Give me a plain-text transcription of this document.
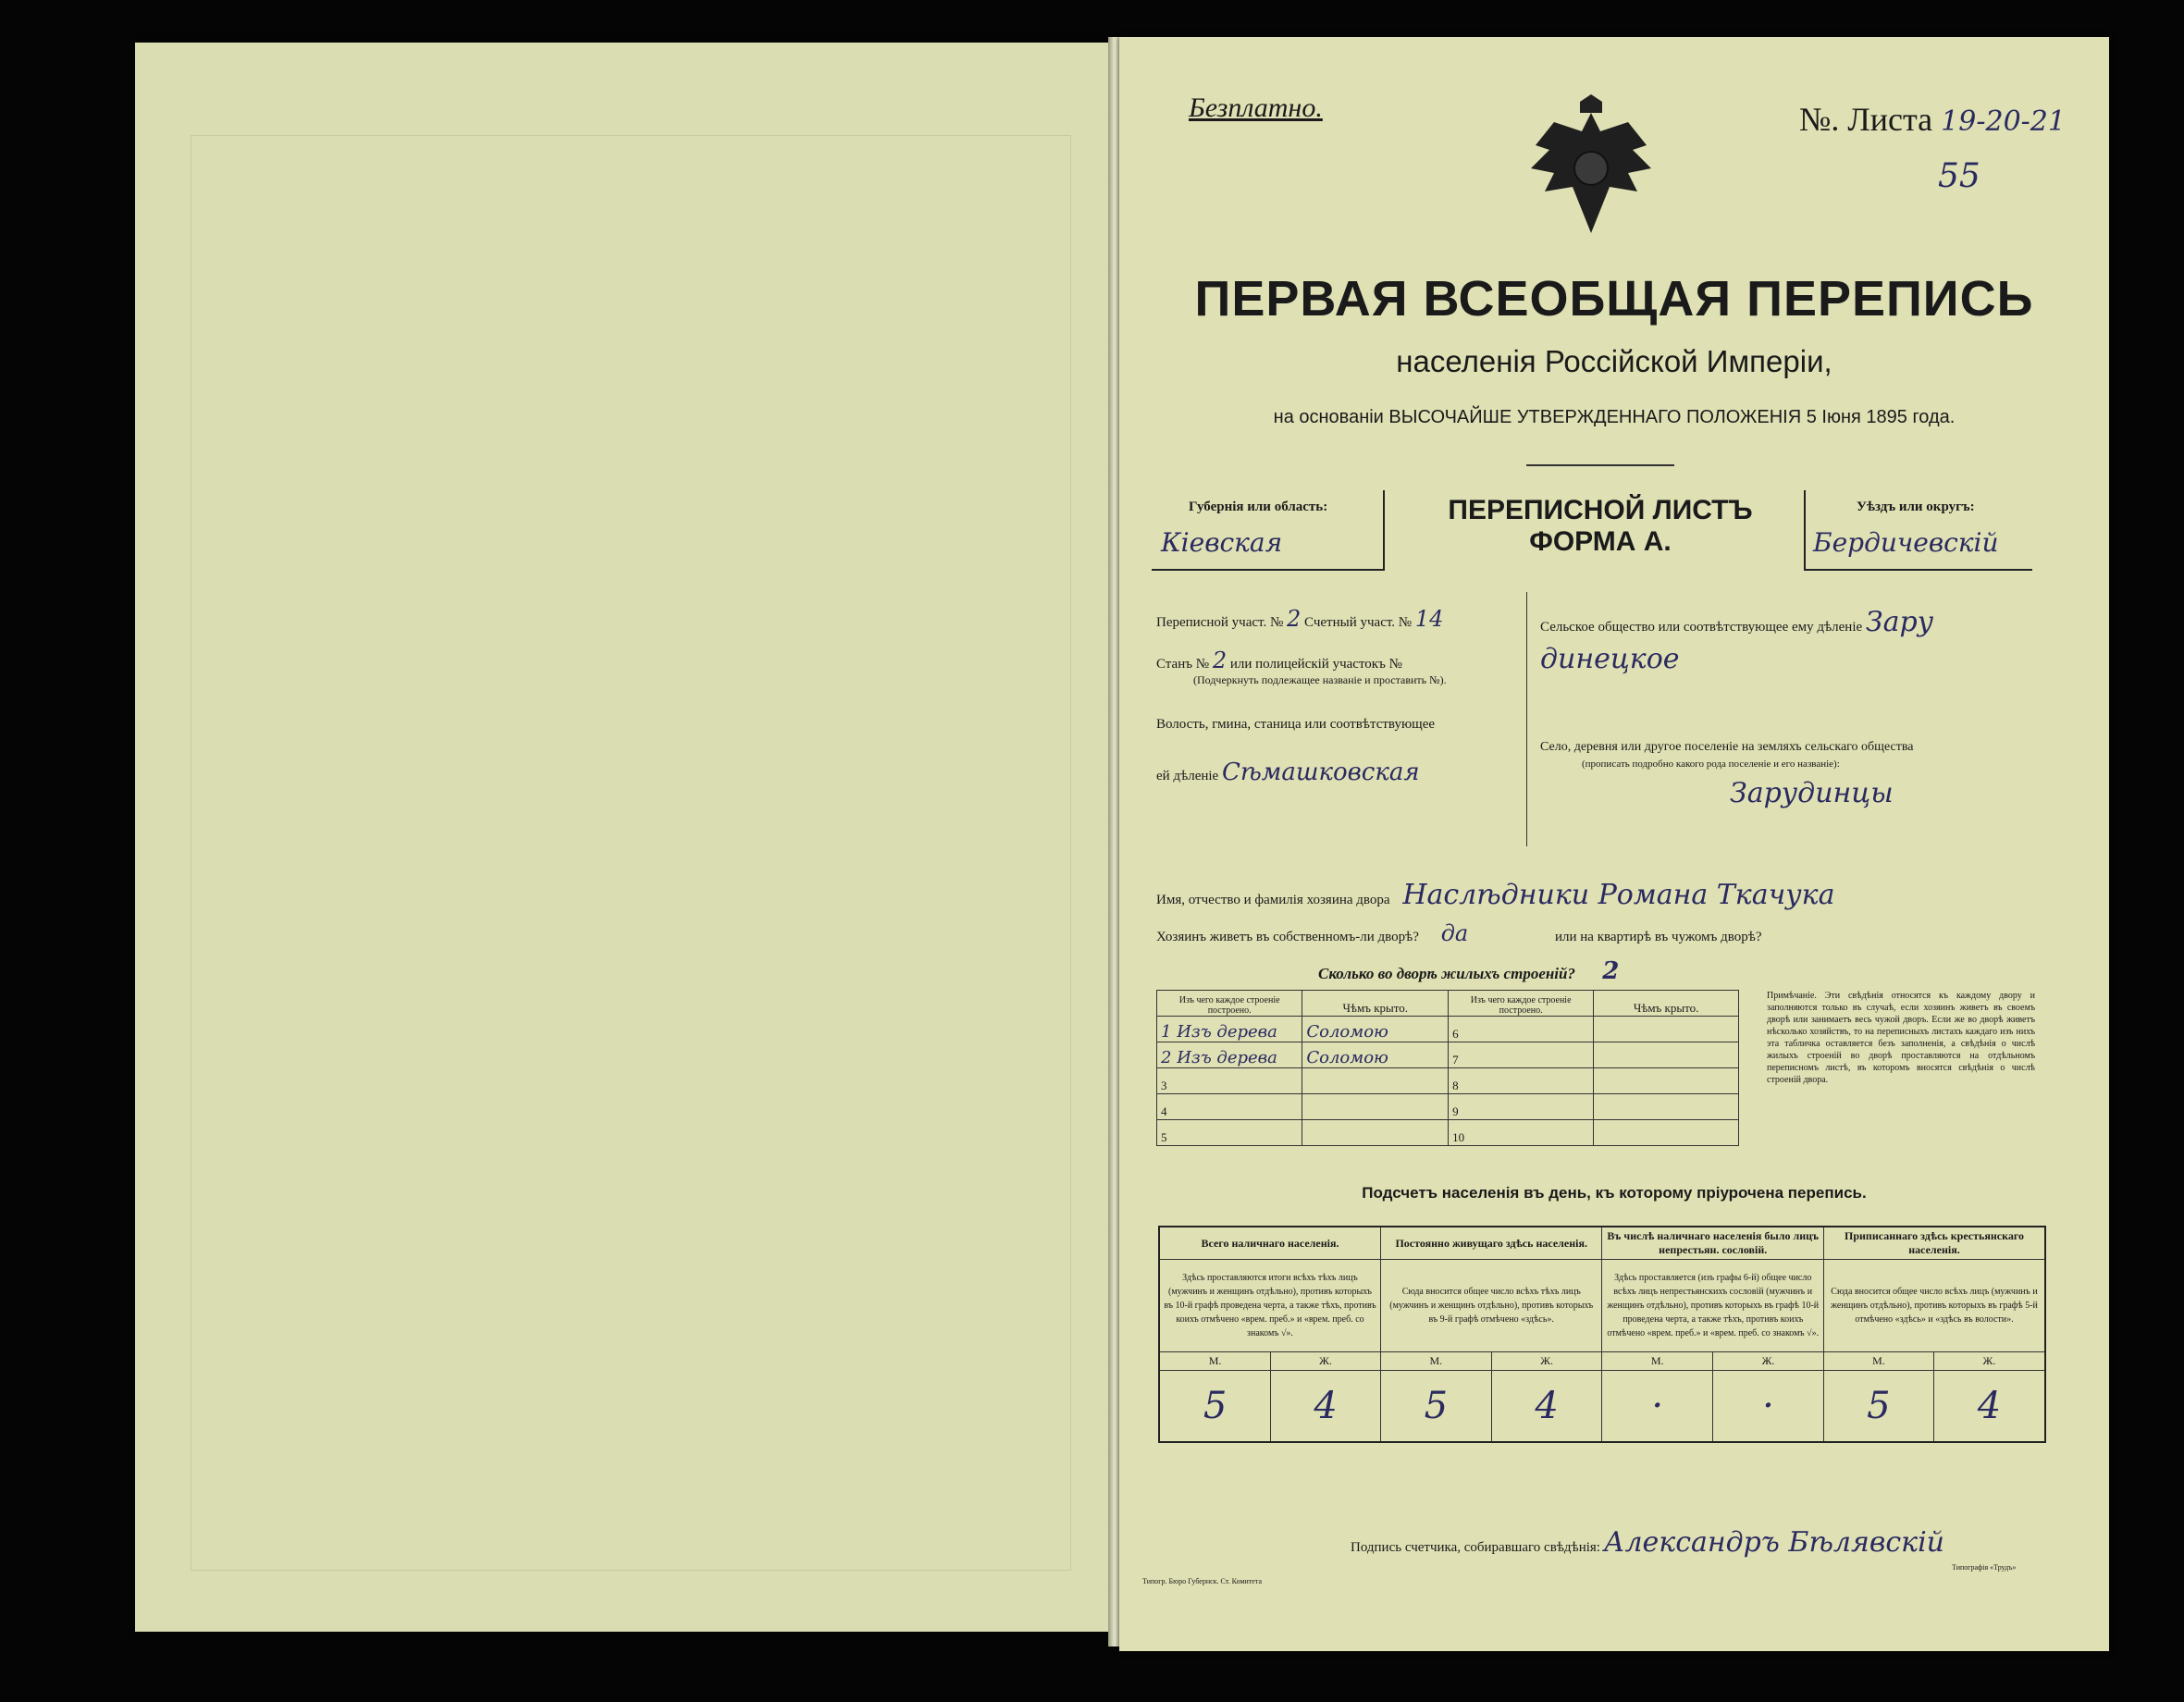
Безплатно.	№. Листа 19-20-21
55
ПЕРВАЯ ВСЕОБЩАЯ ПЕРЕПИСЬ
населенія Россійской Имперіи,
на основаніи ВЫСОЧАЙШЕ УТВЕРЖДЕННАГО ПОЛОЖЕНІЯ 5 Іюня 1895 года.
Губернія или область:
Кіевская
ПЕРЕПИСНОЙ ЛИСТЪ
ФОРМА А.
Уѣздъ или округъ:
Бердичевскій
Переписной участ. № 2 Счетный участ. № 14
Станъ № 2 или полицейскій участокъ №
(Подчеркнуть подлежащее названіе и проставить №).
Волость, гмина, станица или соотвѣтствующее
ей дѣленіе Сѣмашковская
Сельское общество или соотвѣтствующее ему дѣленіе Зару
динецкое
Село, деревня или другое поселеніе на земляхъ сельскаго общества
(прописать подробно какого рода поселеніе и его названіе):
Зарудинцы
Имя, отчество и фамилія хозяина двора Наслѣдники Романа Ткачука
Хозяинъ живетъ въ собственномъ-ли дворѣ? да	или на квартирѣ въ чужомъ дворѣ?
Сколько во дворѣ жилыхъ строеній? 2
Изъ чего каждое строеніе построено.	Чѣмъ крыто.	Изъ чего каждое строеніе построено.	Чѣмъ крыто.
1 Изъ дерева	Соломою	6	
2 Изъ дерева	Соломою	7	
3		8	
4		9	
5		10	
Примѣчаніе. Эти свѣдѣнія относятся къ каждому двору и заполняются только въ случаѣ, если хозяинъ живетъ въ своемъ дворѣ или занимаетъ весь чужой дворъ. Если же во дворѣ живетъ нѣсколько хозяйствъ, то на переписныхъ листахъ каждаго изъ нихъ эта табличка оставляется безъ заполненія, а свѣдѣнія о числѣ жилыхъ строеній во дворѣ проставляются на отдѣльномъ переписномъ листѣ, въ которомъ вносятся свѣдѣнія о числѣ строеній двора.
Подсчетъ населенія въ день, къ которому пріурочена перепись.
Всего наличнаго населенія.		Постоянно живущаго здѣсь населенія.		Въ числѣ наличнаго населенія было лицъ непрестьян. сословій.		Приписаннаго здѣсь крестьянскаго населенія.	
Здѣсь проставляются итоги всѣхъ тѣхъ лицъ (мужчинъ и женщинъ отдѣльно), противъ которыхъ въ 10-й графѣ проведена черта, а также тѣхъ, противъ коихъ отмѣчено «врем. преб.» и «врем. преб. со знакомъ √».		Сюда вносится общее число всѣхъ тѣхъ лицъ (мужчинъ и женщинъ отдѣльно), противъ которыхъ въ 9-й графѣ отмѣчено «здѣсь».		Здѣсь проставляется (изъ графы 6-й) общее число всѣхъ лицъ непрестьянскихъ сословій (мужчинъ и женщинъ отдѣльно), противъ которыхъ въ графѣ 10-й проведена черта, а также тѣхъ, противъ коихъ отмѣчено «врем. преб.» и «врем. преб. со знакомъ √».		Сюда вносится общее число всѣхъ лицъ (мужчинъ и женщинъ отдѣльно), противъ которыхъ въ графѣ 5-й отмѣчено «здѣсь» и «здѣсь въ волости».	
М.	Ж.	М.	Ж.	М.	Ж.	М.	Ж.
5	4	5	4	·	·	5	4
Подпись счетчика, собиравшаго свѣдѣнія: Александръ Бѣлявскій
Типогр. Бюро Губернск. Ст. Комитета
Типографія «Трудъ»
